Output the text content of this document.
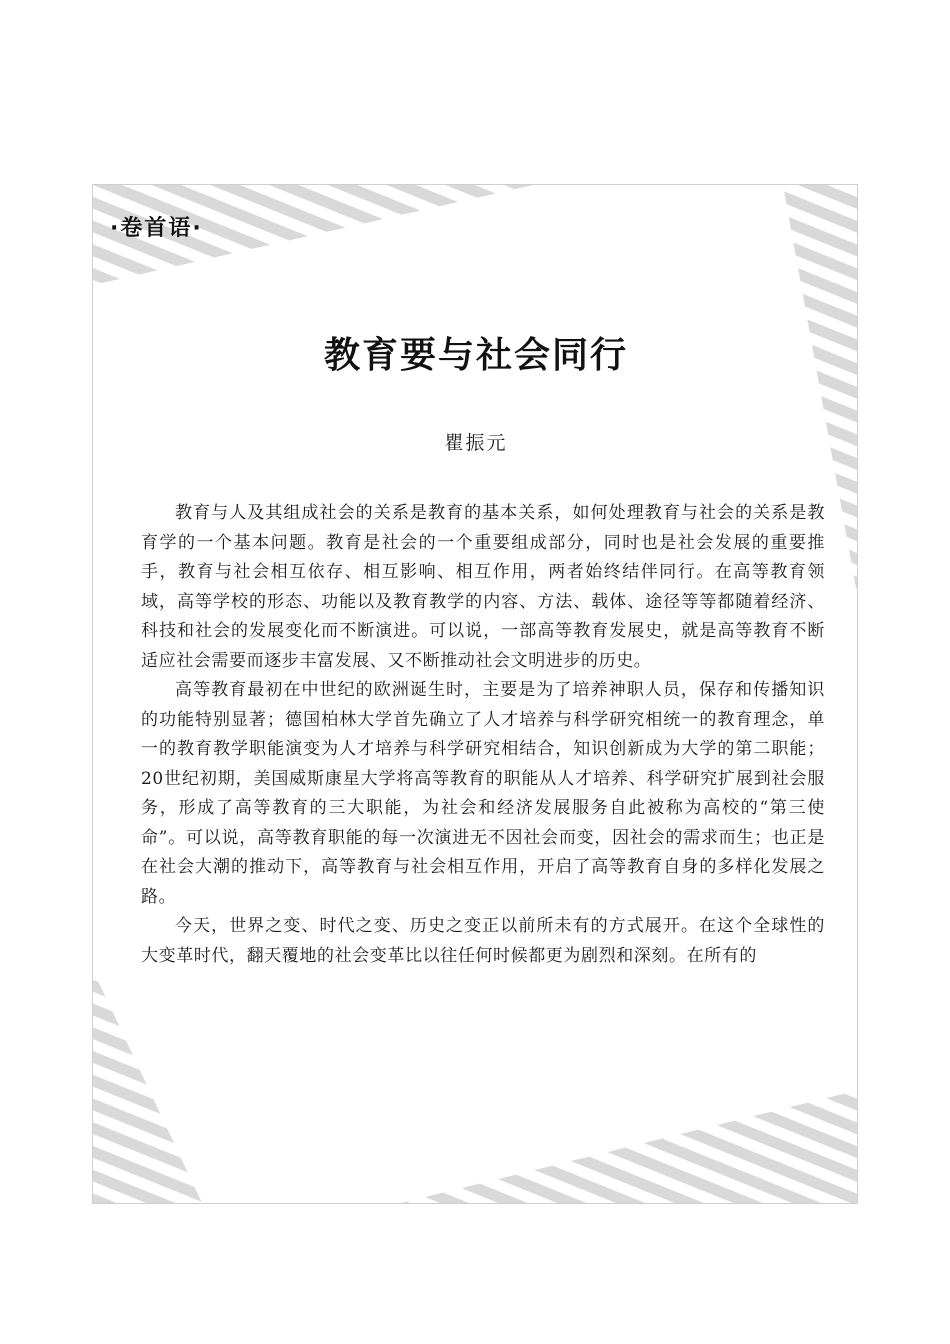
·卷首语·
教育要与社会同行

瞿振元

教育与人及其组成社会的关系是教育的基本关系，如何处理教育与社会的关系是教育学的一个基本问题。教育是社会的一个重要组成部分，同时也是社会发展的重要推手，教育与社会相互依存、相互影响、相互作用，两者始终结伴同行。在高等教育领域，高等学校的形态、功能以及教育教学的内容、方法、载体、途径等等都随着经济、科技和社会的发展变化而不断演进。可以说，一部高等教育发展史，就是高等教育不断适应社会需要而逐步丰富发展、又不断推动社会文明进步的历史。

高等教育最初在中世纪的欧洲诞生时，主要是为了培养神职人员，保存和传播知识的功能特别显著；德国柏林大学首先确立了人才培养与科学研究相统一的教育理念，单一的教育教学职能演变为人才培养与科学研究相结合，知识创新成为大学的第二职能；20世纪初期，美国威斯康星大学将高等教育的职能从人才培养、科学研究扩展到社会服务，形成了高等教育的三大职能，为社会和经济发展服务自此被称为高校的“第三使命”。可以说，高等教育职能的每一次演进无不因社会而变，因社会的需求而生；也正是在社会大潮的推动下，高等教育与社会相互作用，开启了高等教育自身的多样化发展之路。

今天，世界之变、时代之变、历史之变正以前所未有的方式展开。在这个全球性的大变革时代，翻天覆地的社会变革比以往任何时候都更为剧烈和深刻。在所有的
